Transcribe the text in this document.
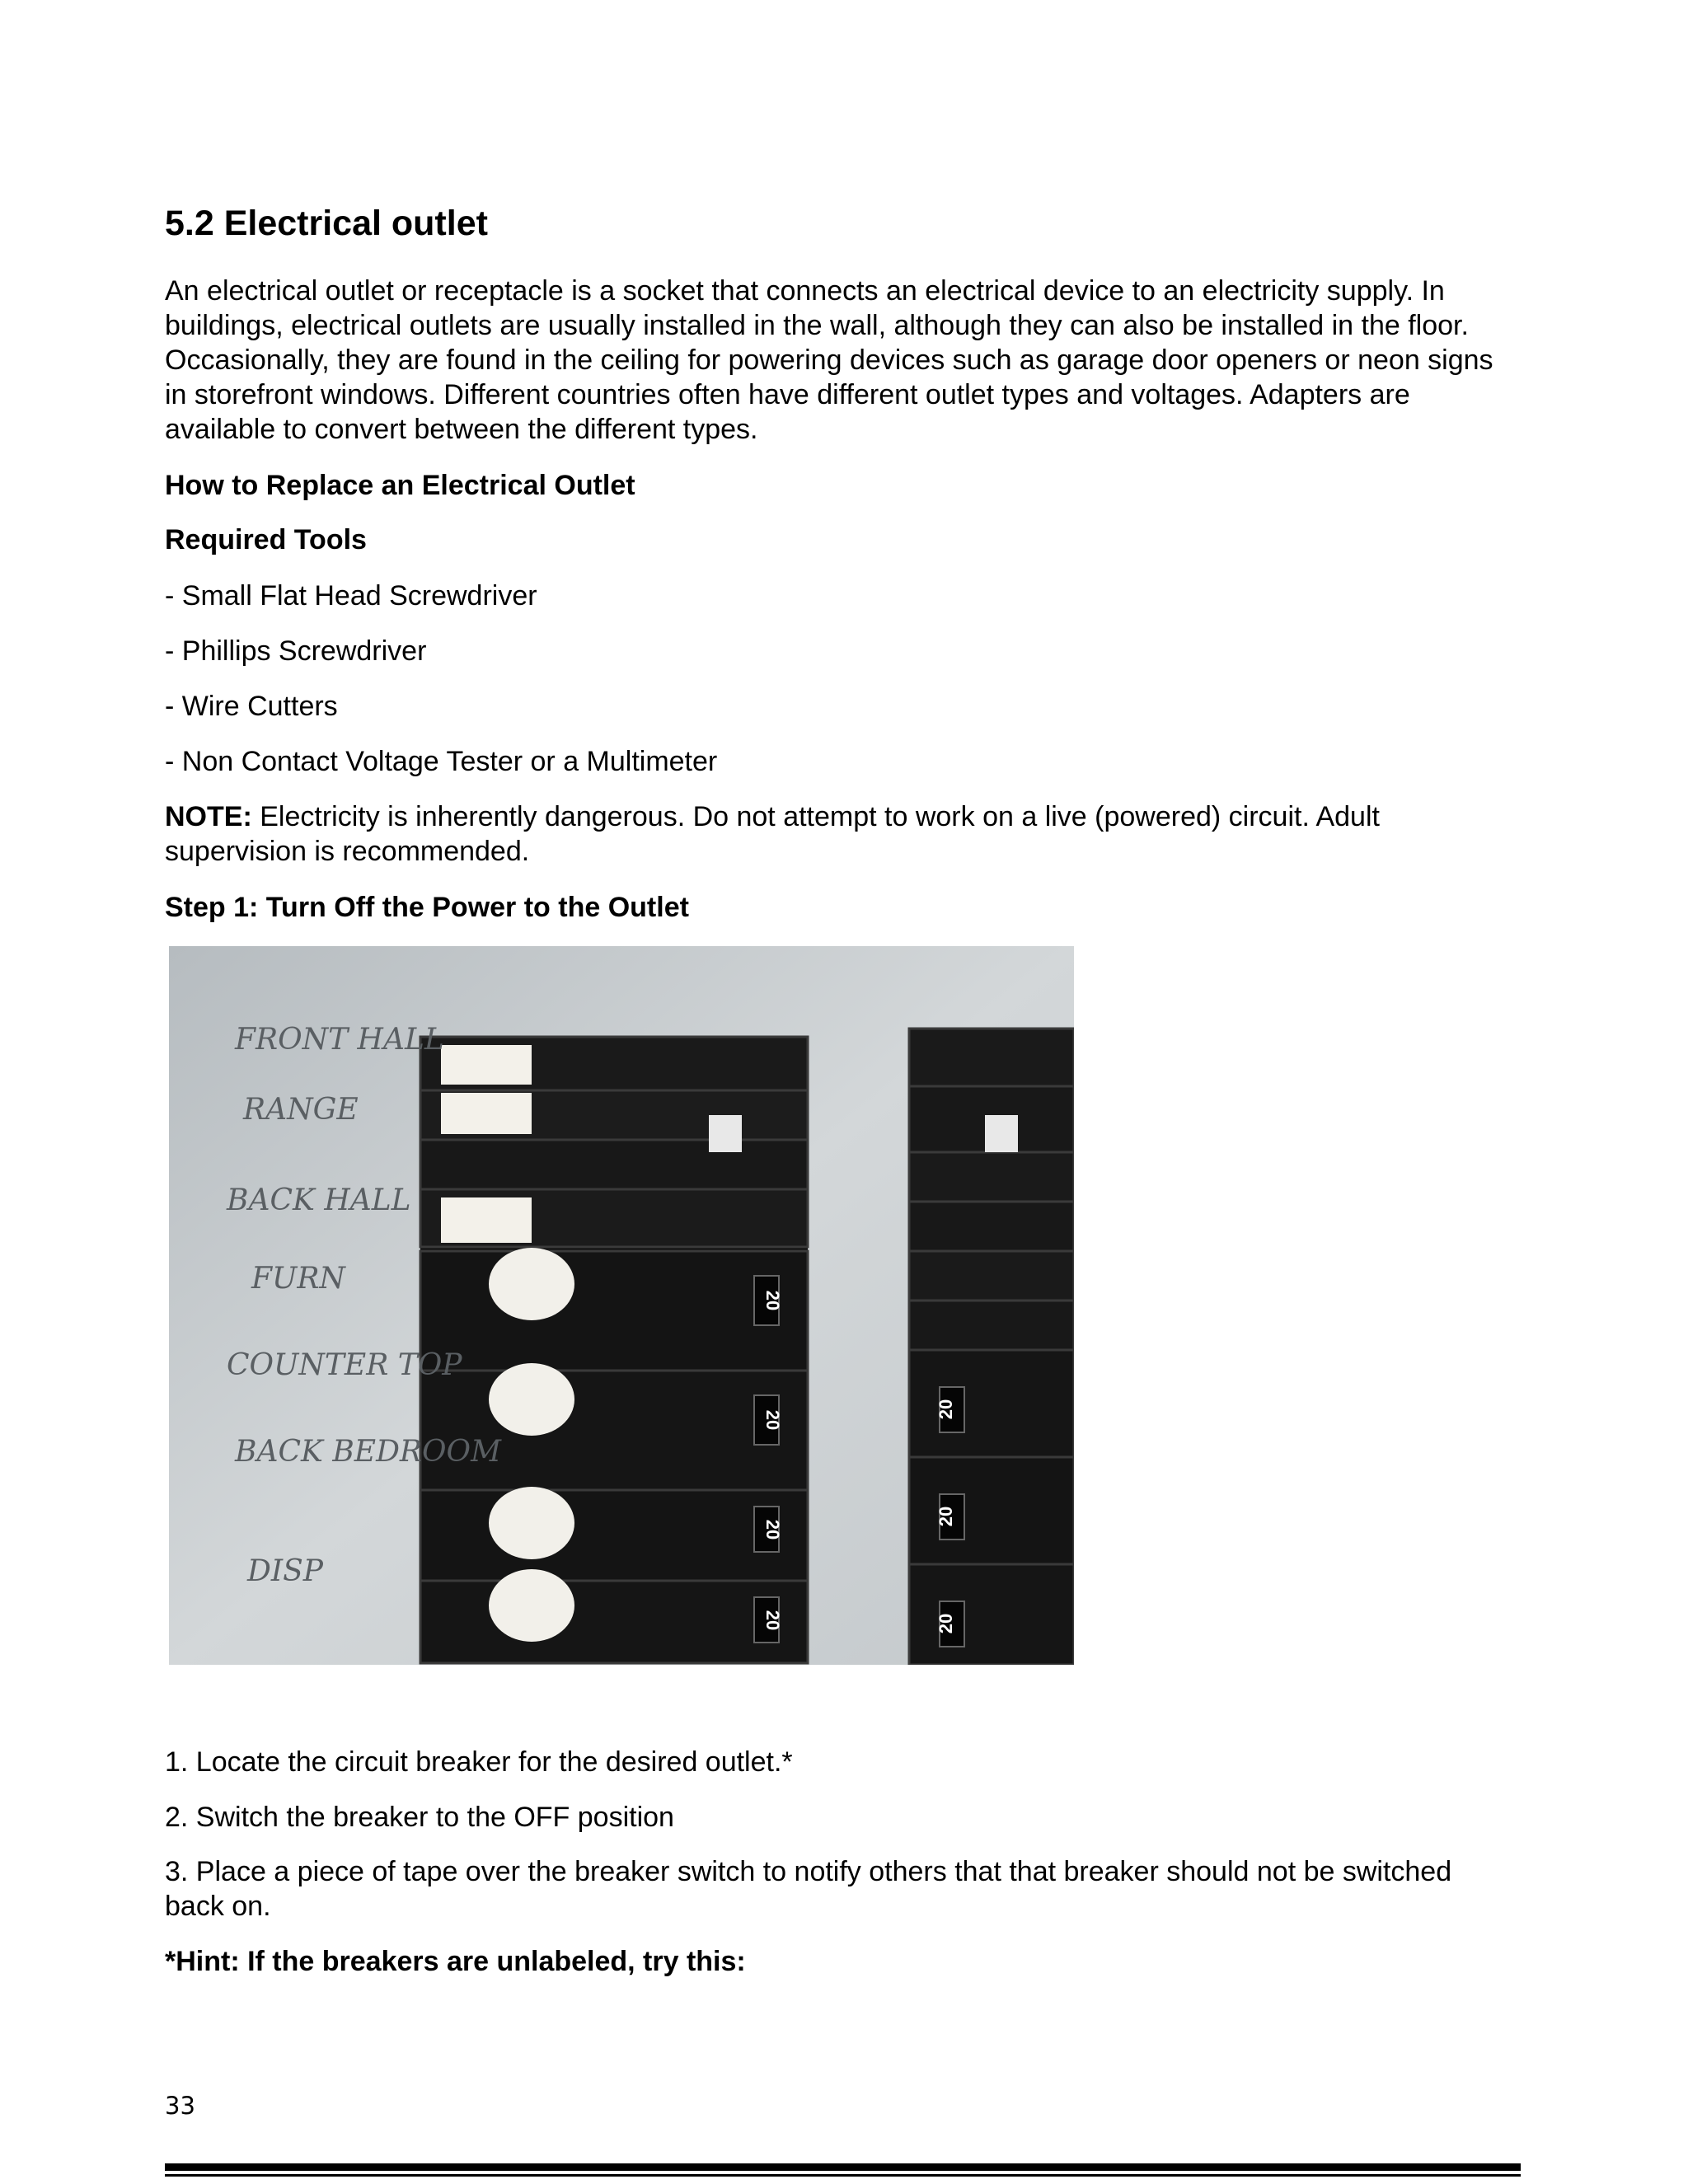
5.2 Electrical outlet

An electrical outlet or receptacle is a socket that connects an electrical device to an electricity supply. In

buildings, electrical outlets are usually installed in the wall, although they can also be installed in the floor.

Occasionally, they are found in the ceiling for powering devices such as garage door openers or neon signs

in storefront windows. Different countries often have different outlet types and voltages. Adapters are

available to convert between the different types.

How to Replace an Electrical Outlet

Required Tools

- Small Flat Head Screwdriver

- Phillips Screwdriver

- Wire Cutters

- Non Contact Voltage Tester or a Multimeter

NOTE: Electricity is inherently dangerous. Do not attempt to work on a live (powered) circuit. Adult

supervision is recommended.

Step 1: Turn Off the Power to the Outlet

1. Locate the circuit breaker for the desired outlet.*

2. Switch the breaker to the OFF position

3. Place a piece of tape over the breaker switch to notify others that that breaker should not be switched

back on.

*Hint: If the breakers are unlabeled, try this:

20
20
20
20
20
20
20
FRONT HALL
RANGE
BACK HALL
FURN
COUNTER TOP
BACK BEDROOM
DISP
33
